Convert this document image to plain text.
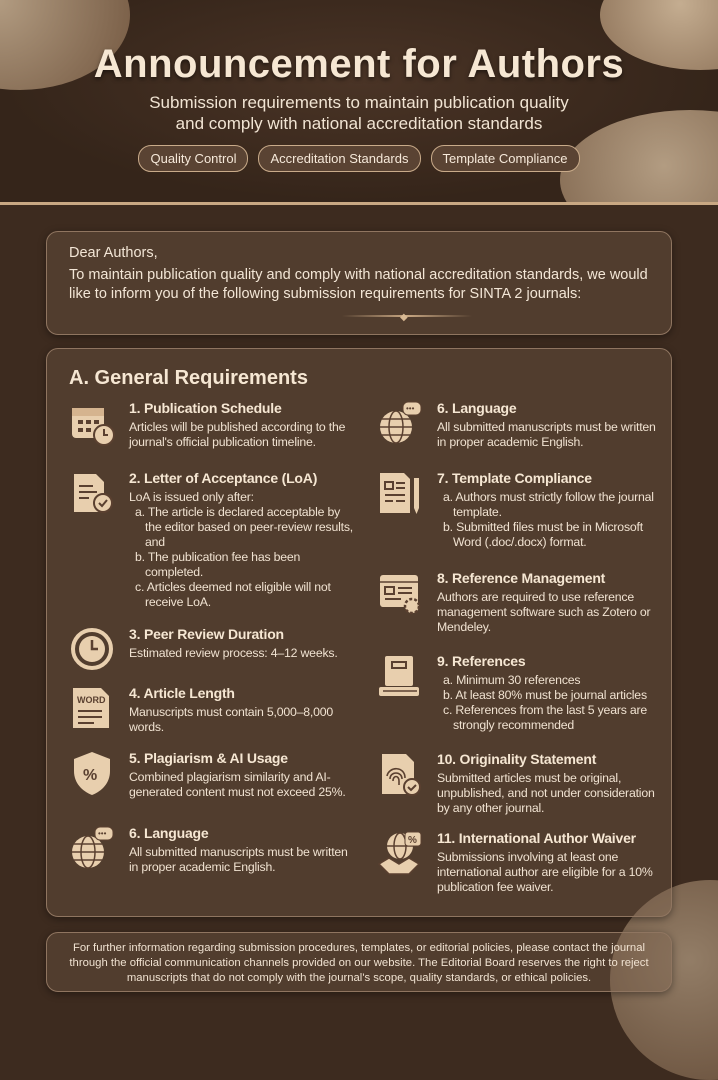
Announcement for Authors
Submission requirements to maintain publication quality
and comply with national accreditation standards
Quality Control	Accreditation Standards	Template Compliance
Dear Authors,
To maintain publication quality and comply with national accreditation standards, we would like to inform you of the following submission requirements for SINTA 2 journals:
◆
A. General Requirements
1. Publication Schedule
Articles will be published according to the journal's official publication timeline.
2. Letter of Acceptance (LoA)
LoA is issued only after:
a. The article is declared acceptable by the editor based on peer-review results, and
b. The publication fee has been completed.
c. Articles deemed not eligible will not receive LoA.
3. Peer Review Duration
Estimated review process: 4–12 weeks.
WORD 4. Article Length
Manuscripts must contain 5,000–8,000 words.
%
5. Plagiarism & AI Usage
Combined plagiarism similarity and AI-generated content must not exceed 25%.
••• 6. Language
All submitted manuscripts must be written in proper academic English.
••• 6. Language
All submitted manuscripts must be written in proper academic English.
7. Template Compliance
a. Authors must strictly follow the journal template.
b. Submitted files must be in Microsoft Word (.doc/.docx) format.
8. Reference Management
Authors are required to use reference management software such as Zotero or Mendeley.
9. References
a. Minimum 30 references
b. At least 80% must be journal articles
c. References from the last 5 years are strongly recommended
10. Originality Statement
Submitted articles must be original, unpublished, and not under consideration by any other journal.
% 11. International Author Waiver
Submissions involving at least one international author are eligible for a 10% publication fee waiver.
For further information regarding submission procedures, templates, or editorial policies, please contact the journal through the official communication channels provided on our website. The Editorial Board reserves the right to reject manuscripts that do not comply with the journal's scope, quality standards, or ethical policies.
